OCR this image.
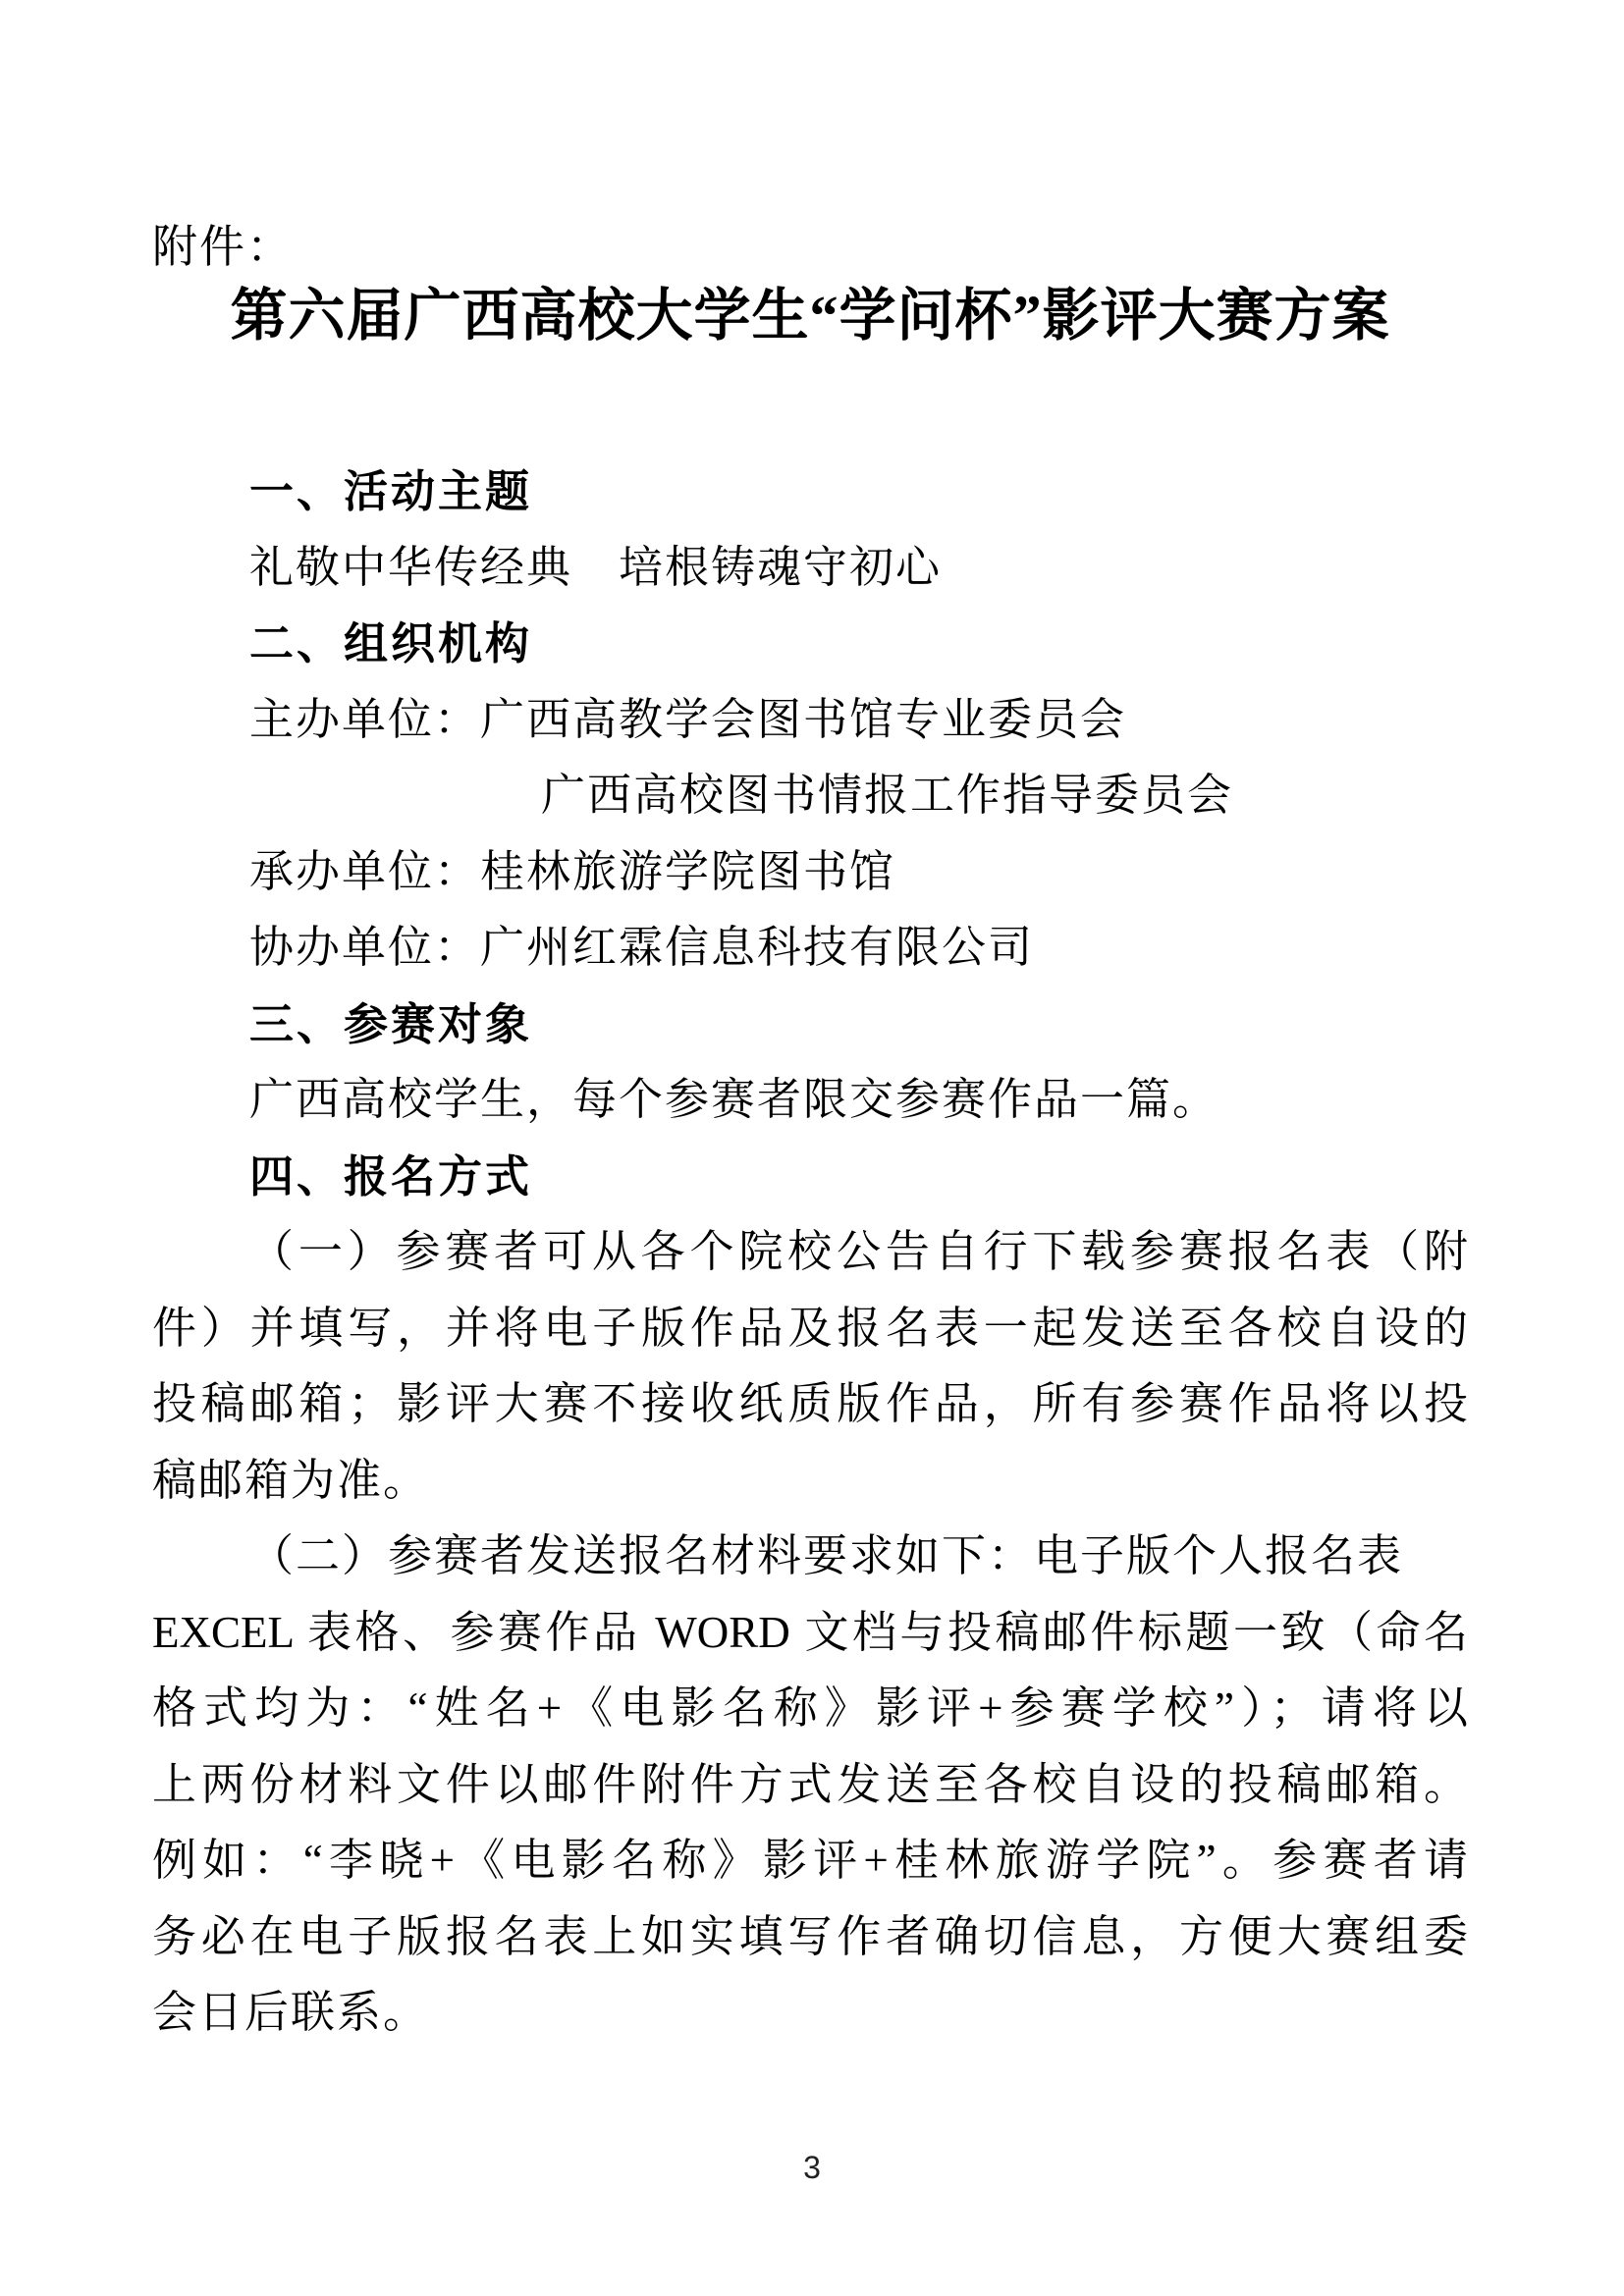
附件：
第六届广西高校大学生“学问杯”影评大赛方案
一、活动主题
礼敬中华传经典　培根铸魂守初心
二、组织机构
主办单位：广西高教学会图书馆专业委员会
广西高校图书情报工作指导委员会
承办单位：桂林旅游学院图书馆
协办单位：广州红霖信息科技有限公司
三、参赛对象
广西高校学生，每个参赛者限交参赛作品一篇。
四、报名方式
（一）参赛者可从各个院校公告自行下载参赛报名表（附
件）并填写，并将电子版作品及报名表一起发送至各校自设的
投稿邮箱；影评大赛不接收纸质版作品，所有参赛作品将以投
稿邮箱为准。
（二）参赛者发送报名材料要求如下：电子版个人报名表
EXCEL 表格、参赛作品 WORD 文档与投稿邮件标题一致（命名
格式均为：“姓名+《电影名称》影评+参赛学校”）；请将以
上两份材料文件以邮件附件方式发送至各校自设的投稿邮箱。
例如：“李晓+《电影名称》影评+桂林旅游学院”。参赛者请
务必在电子版报名表上如实填写作者确切信息，方便大赛组委
会日后联系。
3
